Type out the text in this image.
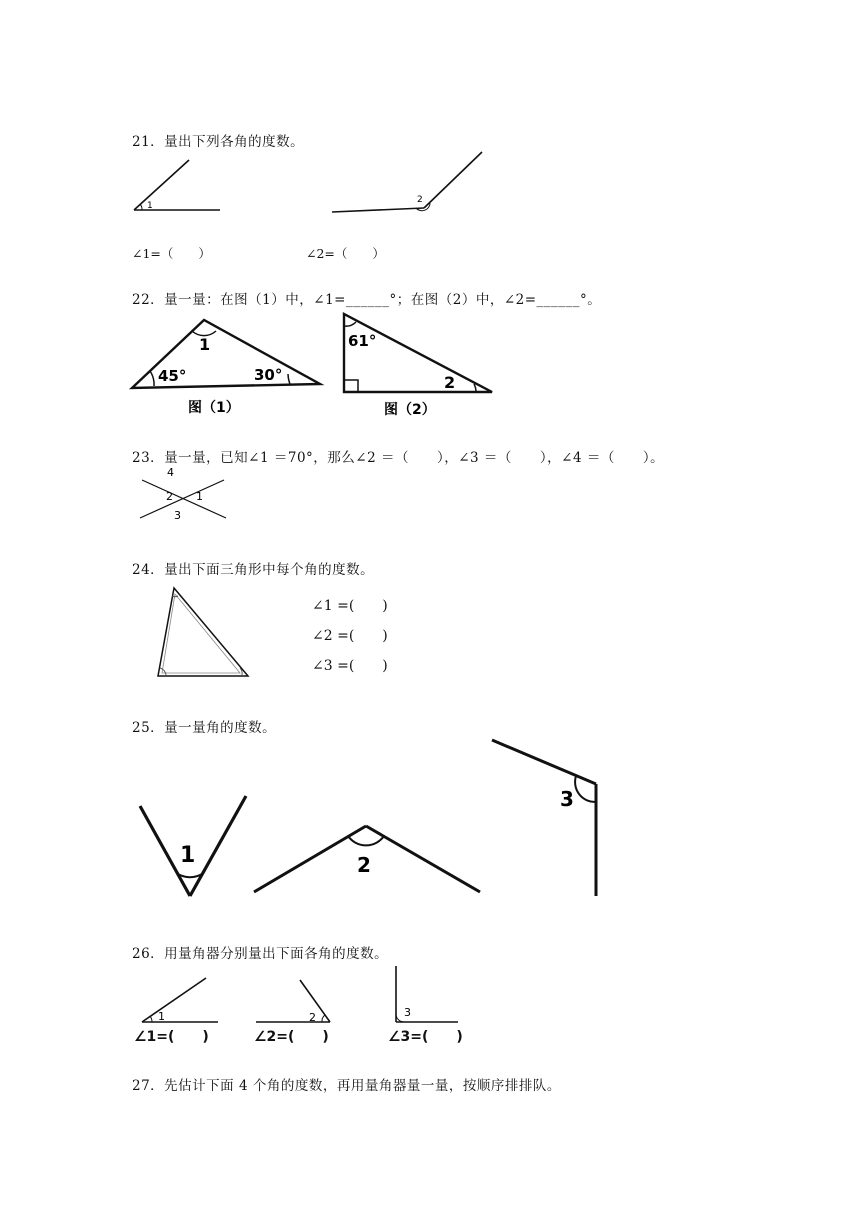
21．量出下列各角的度数。
1
2
∠1=（　　）	∠2=（　　）
22．量一量：在图（1）中，∠1=______°；在图（2）中，∠2=______°。
1
45°	30°
图（1）
61°
2
图（2）
23．量一量，已知∠1 ＝70°，那么∠2 ＝（　　），∠3 ＝（　　），∠4 ＝（　　）。
4
2 1
3
24．量出下面三角形中每个角的度数。
∠1 =(　　)
∠2 =(　　)
∠3 =(　　)
25．量一量角的度数。
1	2
3
26．用量角器分别量出下面各角的度数。
1	2	3
∠1=(　　)	∠2=(　　)	∠3=(　　)
27．先估计下面 4 个角的度数，再用量角器量一量，按顺序排排队。
